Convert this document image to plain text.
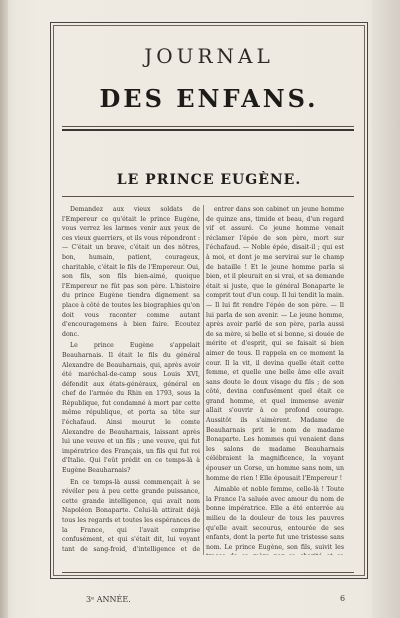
JOURNAL
DES ENFANS.
LE PRINCE EUGÈNE.

Demandez aux vieux soldats de l'Empereur ce qu'était le prince Eugène, vous verrez les larmes venir aux yeux de ces vieux guerriers, et ils vous répondront : — C'était un brave, c'était un des nôtres, bon, humain, patient, courageux, charitable, c'était le fils de l'Empereur. Oui, son fils, son fils bien-aimé, quoique l'Empereur ne fût pas son père. L'histoire du prince Eugène tiendra dignement sa place à côté de toutes les biographies qu'on doit vous raconter comme autant d'encouragemens à bien faire. Ecoutez donc.

Le prince Eugène s'appelait Beauharnais. Il était le fils du général Alexandre de Beauharnais, qui, après avoir été maréchal-de-camp sous Louis XVI, défendit aux états-généraux, général en chef de l'armée du Rhin en 1793, sous la République, fut condamné à mort par cette même république, et porta sa tête sur l'échafaud. Ainsi mourut le comte Alexandre de Beauharnais, laissant après lui une veuve et un fils ; une veuve, qui fut impératrice des Français, un fils qui fut roi d'Italie. Qui l'eût prédit en ce temps-là à Eugène Beauharnais?

En ce temps-là aussi commençait à se révéler peu à peu cette grande puissance, cette grande intelligence, qui avait nom Napoléon Bonaparte. Celui-là attirait déjà tous les regards et toutes les espérances de la France, qui l'avait comprise confusément, et qui s'était dit, lui voyant tant de sang-froid, d'intelligence et de

entrer dans son cabinet un jeune homme de quinze ans, timide et beau, d'un regard vif et assuré. Ce jeune homme venait réclamer l'épée de son père, mort sur l'échafaud. — Noble épée, disait-il ; qui est à moi, et dont je me servirai sur le champ de bataille ! Et le jeune homme parla si bien, et il pleurait en si vrai, et sa demande était si juste, que le général Bonaparte le comprit tout d'un coup. Il lui tendit la main. — Il lui fit rendre l'épée de son père. — Il lui parla de son avenir. — Le jeune homme, après avoir parlé de son père, parla aussi de sa mère, si belle et si bonne, si douée de mérite et d'esprit, qui se faisait si bien aimer de tous. Il rappela en ce moment la cour. Il la vit, il devina quelle était cette femme, et quelle une belle âme elle avait sans doute le doux visage du fils ; de son côté, devina confusément quel était ce grand homme, et quel immense avenir allait s'ouvrir à ce profond courage. Aussitôt ils s'aimèrent. Madame de Beauharnais prit le nom de madame Bonaparte. Les hommes qui venaient dans les salons de madame Beauharnais célébraient la magnificence, la voyant épouser un Corse, un homme sans nom, un homme de rien ! Elle épousait l'Empereur !

Aimable et noble femme, celle-là ! Toute la France l'a saluée avec amour du nom de bonne impératrice. Elle a été enterrée au milieu de la douleur de tous les pauvres qu'elle avait secourus, entourée de ses enfants, dont la perte fut une tristesse sans nom. Le prince Eugène, son fils, suivit les

3ᵉ ANNÉE.	6
